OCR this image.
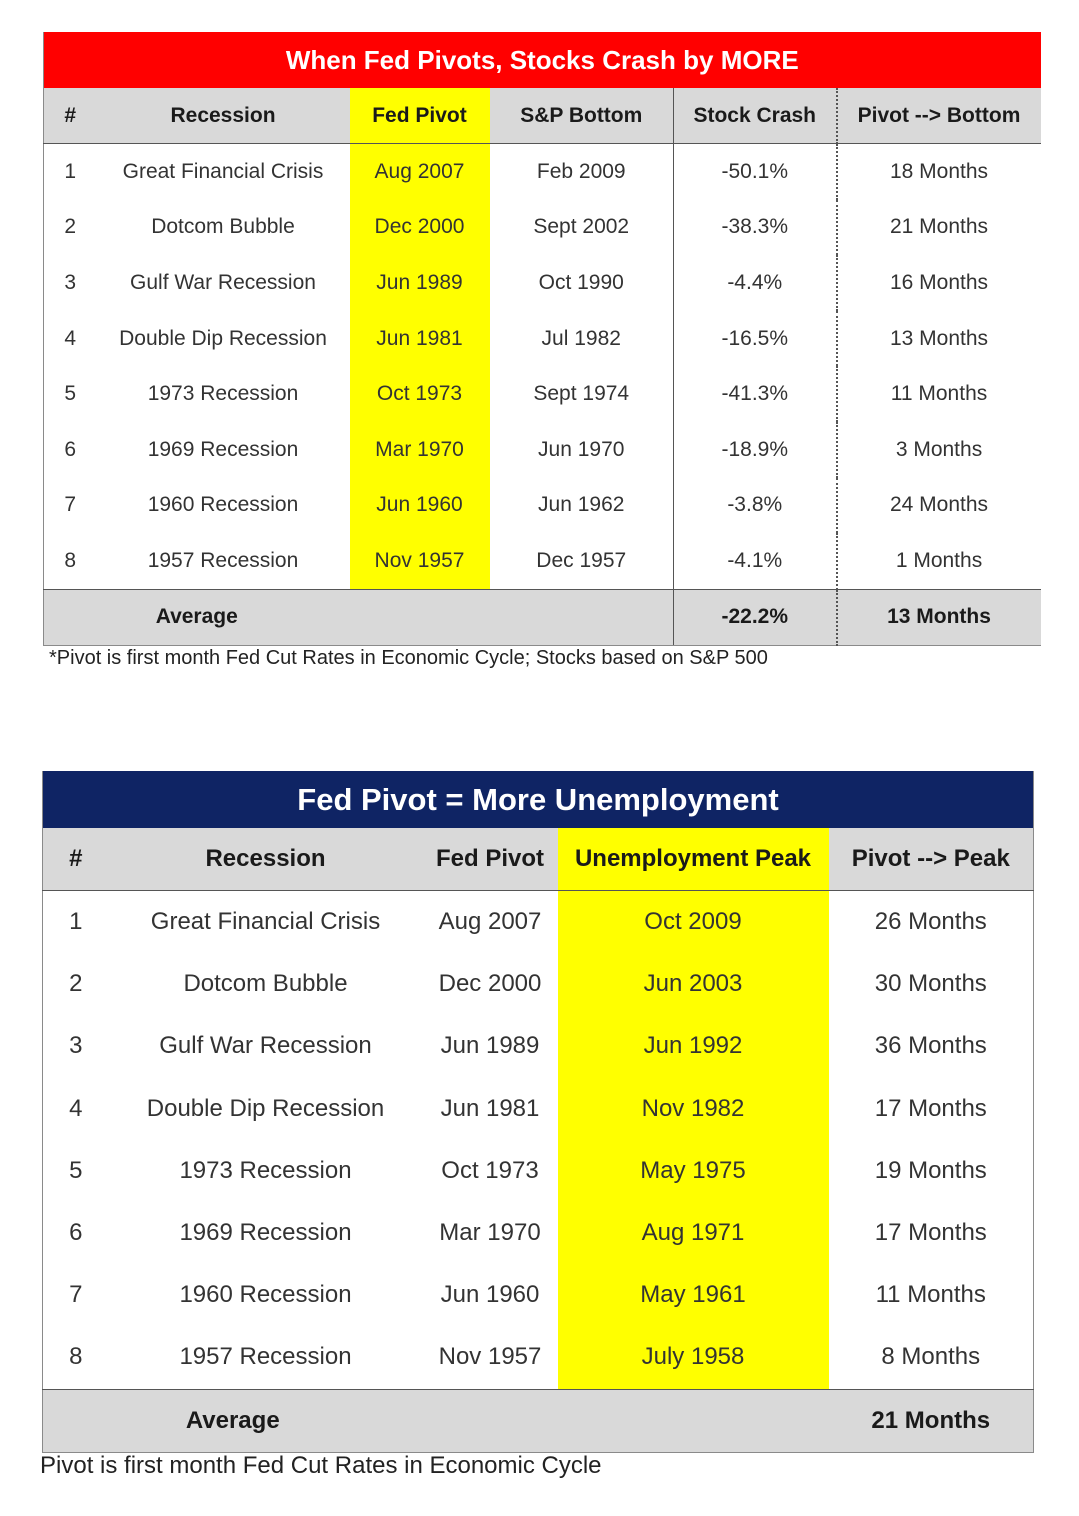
When Fed Pivots, Stocks Crash by MORE					
#	Recession	Fed Pivot	S&P Bottom	Stock Crash	Pivot --> Bottom
1	Great Financial Crisis	Aug 2007	Feb 2009	-50.1%	18 Months
2	Dotcom Bubble	Dec 2000	Sept 2002	-38.3%	21 Months
3	Gulf War Recession	Jun 1989	Oct 1990	-4.4%	16 Months
4	Double Dip Recession	Jun 1981	Jul 1982	-16.5%	13 Months
5	1973 Recession	Oct 1973	Sept 1974	-41.3%	11 Months
6	1969 Recession	Mar 1970	Jun 1970	-18.9%	3 Months
7	1960 Recession	Jun 1960	Jun 1962	-3.8%	24 Months
8	1957 Recession	Nov 1957	Dec 1957	-4.1%	1 Months
Average				-22.2%	13 Months
*Pivot is first month Fed Cut Rates in Economic Cycle; Stocks based on S&P 500
Fed Pivot = More Unemployment				
#	Recession	Fed Pivot	Unemployment Peak	Pivot --> Peak
1	Great Financial Crisis	Aug 2007	Oct 2009	26 Months
2	Dotcom Bubble	Dec 2000	Jun 2003	30 Months
3	Gulf War Recession	Jun 1989	Jun 1992	36 Months
4	Double Dip Recession	Jun 1981	Nov 1982	17 Months
5	1973 Recession	Oct 1973	May 1975	19 Months
6	1969 Recession	Mar 1970	Aug 1971	17 Months
7	1960 Recession	Jun 1960	May 1961	11 Months
8	1957 Recession	Nov 1957	July 1958	8 Months
Average				21 Months
Pivot is first month Fed Cut Rates in Economic Cycle
